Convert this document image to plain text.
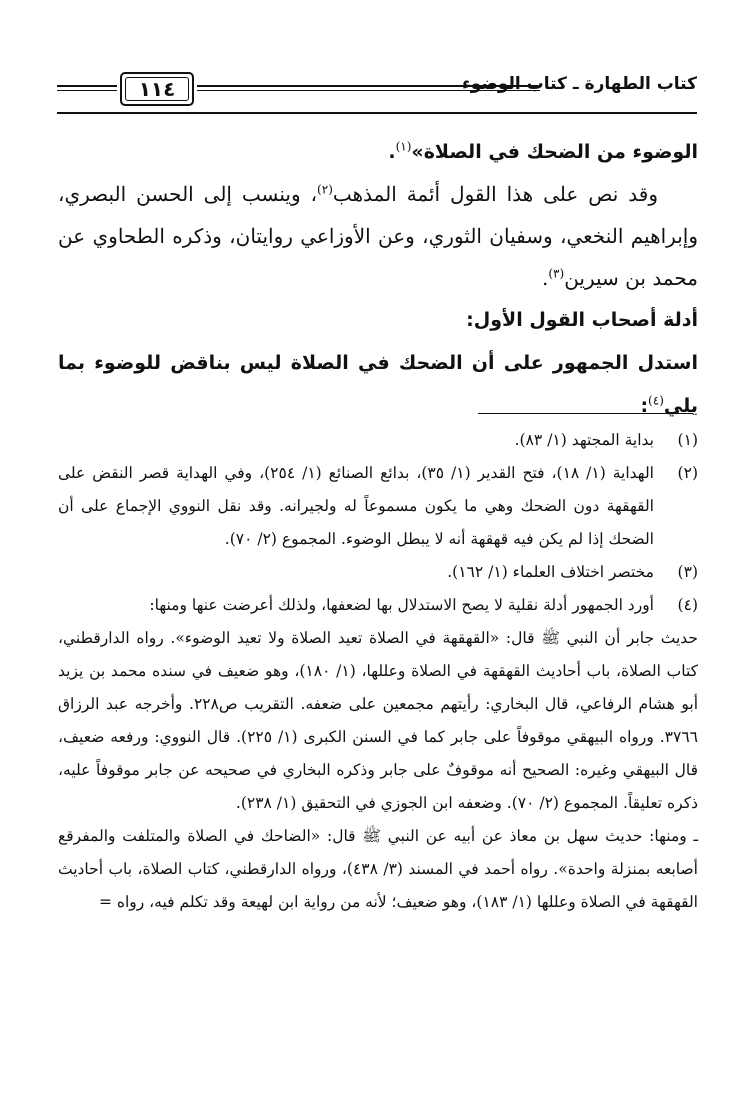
كتاب الطهارة ـ كتاب الوضوء
١١٤

الوضوء من الضحك في الصلاة»$^{(١)}$.

وقد نص على هذا القول أئمة المذهب$^{(٢)}$، وينسب إلى الحسن البصري، وإبراهيم النخعي، وسفيان الثوري، وعن الأوزاعي روايتان، وذكره الطحاوي عن محمد بن سيرين$^{(٣)}$.

أدلة أصحاب القول الأول:

استدل الجمهور على أن الضحك في الصلاة ليس بناقض للوضوء بما يلي$^{(٤)}$:

(١)
بداية المجتهد (١/ ٨٣).
(٢)
الهداية (١/ ١٨)، فتح القدير (١/ ٣٥)، بدائع الصنائع (١/ ٢٥٤)، وفي الهداية قصر النقض على القهقهة دون الضحك وهي ما يكون مسموعاً له ولجيرانه. وقد نقل النووي الإجماع على أن الضحك إذا لم يكن فيه قهقهة أنه لا يبطل الوضوء. المجموع (٢/ ٧٠).
(٣)
مختصر اختلاف العلماء (١/ ١٦٢).
(٤)
أورد الجمهور أدلة نقلية لا يصح الاستدلال بها لضعفها، ولذلك أعرضت عنها ومنها:

حديث جابر أن النبي ﷺ قال: «القهقهة في الصلاة تعيد الصلاة ولا تعيد الوضوء». رواه الدارقطني، كتاب الصلاة، باب أحاديث القهقهة في الصلاة وعللها، (١/ ١٨٠)، وهو ضعيف في سنده محمد بن يزيد أبو هشام الرفاعي، قال البخاري: رأيتهم مجمعين على ضعفه. التقريب ص٢٢٨. وأخرجه عبد الرزاق ٣٧٦٦. ورواه البيهقي موقوفاً على جابر كما في السنن الكبرى (١/ ٢٢٥). قال النووي: ورفعه ضعيف، قال البيهقي وغيره: الصحيح أنه موقوفٌ على جابر وذكره البخاري في صحيحه عن جابر موقوفاً عليه، ذكره تعليقاً. المجموع (٢/ ٧٠). وضعفه ابن الجوزي في التحقيق (١/ ٢٣٨).

ـ ومنها: حديث سهل بن معاذ عن أبيه عن النبي ﷺ قال: «الضاحك في الصلاة والمتلفت والمفرقع أصابعه بمنزلة واحدة». رواه أحمد في المسند (٣/ ٤٣٨)، ورواه الدارقطني، كتاب الصلاة، باب أحاديث القهقهة في الصلاة وعللها (١/ ١٨٣)، وهو ضعيف؛ لأنه من رواية ابن لهيعة وقد تكلم فيه، رواه =
